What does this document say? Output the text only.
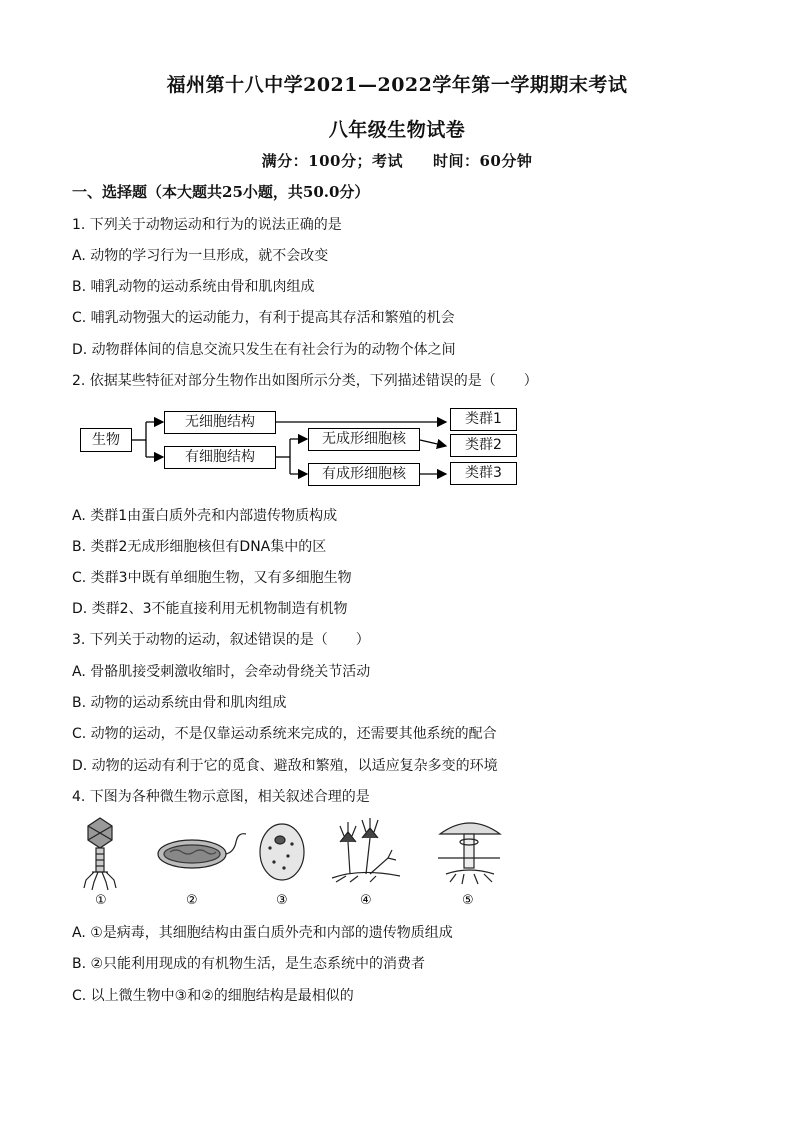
福州第十八中学2021—2022学年第一学期期末考试
八年级生物试卷
满分：100分；考试 时间：60分钟
一、选择题（本大题共25小题，共50.0分）
1. 下列关于动物运动和行为的说法正确的是
A. 动物的学习行为一旦形成，就不会改变
B. 哺乳动物的运动系统由骨和肌肉组成
C. 哺乳动物强大的运动能力，有利于提高其存活和繁殖的机会
D. 动物群体间的信息交流只发生在有社会行为的动物个体之间
2. 依据某些特征对部分生物作出如图所示分类，下列描述错误的是（　　）
生物
无细胞结构
有细胞结构
无成形细胞核
有成形细胞核
类群1
类群2
类群3
A. 类群1由蛋白质外壳和内部遗传物质构成
B. 类群2无成形细胞核但有DNA集中的区
C. 类群3中既有单细胞生物，又有多细胞生物
D. 类群2、3不能直接利用无机物制造有机物
3. 下列关于动物的运动，叙述错误的是（　　）
A. 骨骼肌接受刺激收缩时，会牵动骨绕关节活动
B. 动物的运动系统由骨和肌肉组成
C. 动物的运动，不是仅靠运动系统来完成的，还需要其他系统的配合
D. 动物的运动有利于它的觅食、避敌和繁殖，以适应复杂多变的环境
4. 下图为各种微生物示意图，相关叙述合理的是
①	②	③	④	⑤
A. ①是病毒，其细胞结构由蛋白质外壳和内部的遗传物质组成
B. ②只能利用现成的有机物生活，是生态系统中的消费者
C. 以上微生物中③和②的细胞结构是最相似的
